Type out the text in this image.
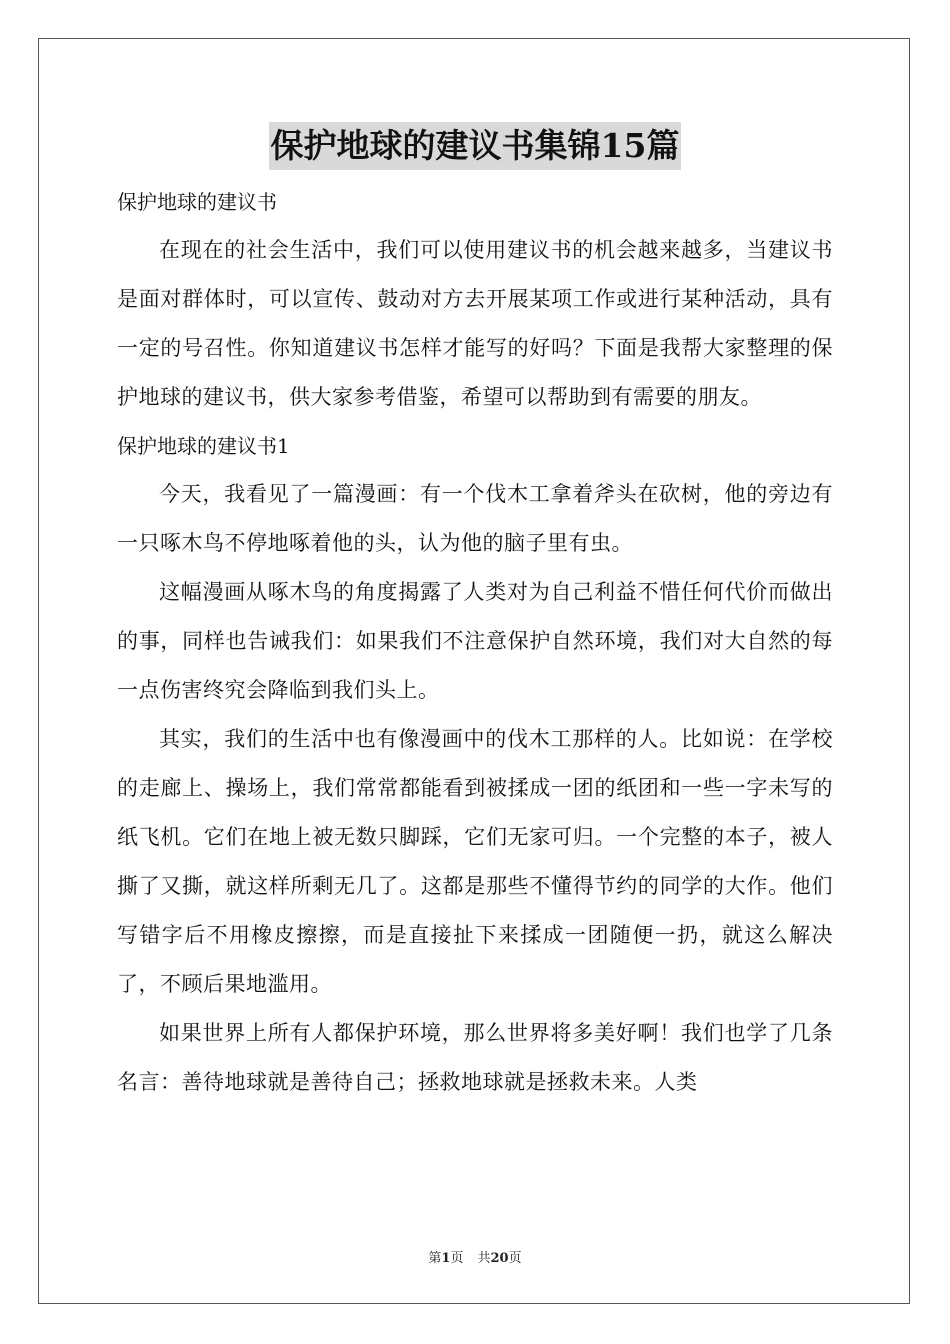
保护地球的建议书集锦15篇

保护地球的建议书

在现在的社会生活中，我们可以使用建议书的机会越来越多，当建议书是面对群体时，可以宣传、鼓动对方去开展某项工作或进行某种活动，具有一定的号召性。你知道建议书怎样才能写的好吗？下面是我帮大家整理的保护地球的建议书，供大家参考借鉴，希望可以帮助到有需要的朋友。

保护地球的建议书1

今天，我看见了一篇漫画：有一个伐木工拿着斧头在砍树，他的旁边有一只啄木鸟不停地啄着他的头，认为他的脑子里有虫。

这幅漫画从啄木鸟的角度揭露了人类对为自己利益不惜任何代价而做出的事，同样也告诫我们：如果我们不注意保护自然环境，我们对大自然的每一点伤害终究会降临到我们头上。

其实，我们的生活中也有像漫画中的伐木工那样的人。比如说：在学校的走廊上、操场上，我们常常都能看到被揉成一团的纸团和一些一字未写的纸飞机。它们在地上被无数只脚踩，它们无家可归。一个完整的本子，被人撕了又撕，就这样所剩无几了。这都是那些不懂得节约的同学的大作。他们写错字后不用橡皮擦擦，而是直接扯下来揉成一团随便一扔，就这么解决了，不顾后果地滥用。

如果世界上所有人都保护环境，那么世界将多美好啊！我们也学了几条名言：善待地球就是善待自己；拯救地球就是拯救未来。人类

第1页 共20页
